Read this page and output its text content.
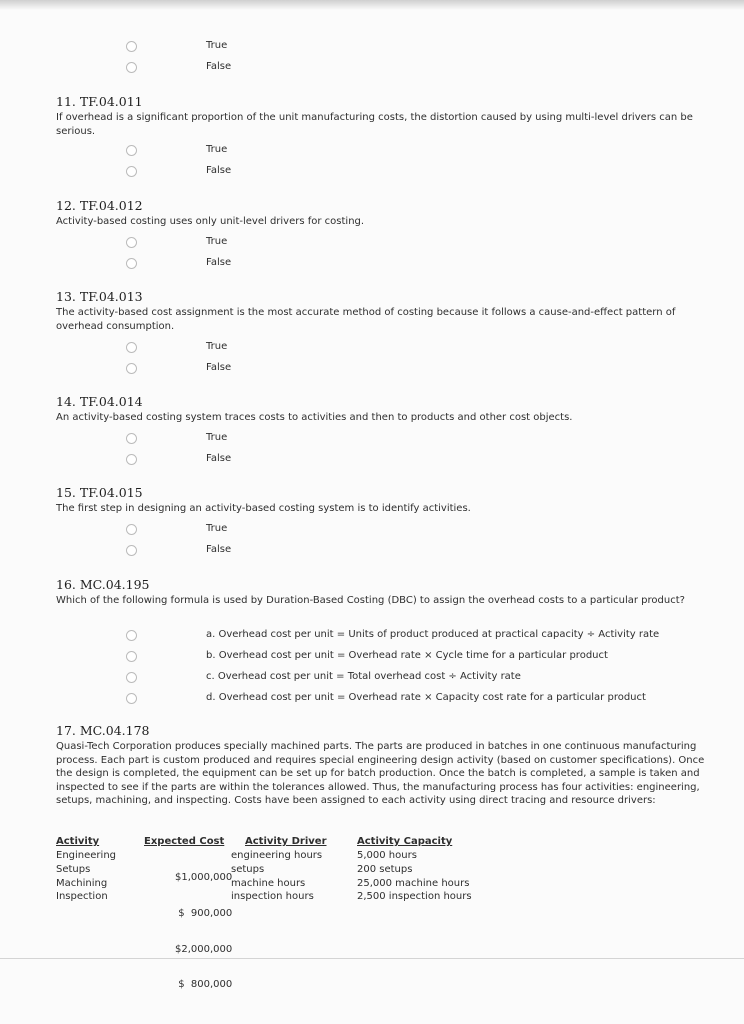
True
False
11. TF.04.011
If overhead is a significant proportion of the unit manufacturing costs, the distortion caused by using multi-level drivers can be serious.
True
False
12. TF.04.012
Activity-based costing uses only unit-level drivers for costing.
True
False
13. TF.04.013
The activity-based cost assignment is the most accurate method of costing because it follows a cause-and-effect pattern of overhead consumption.
True
False
14. TF.04.014
An activity-based costing system traces costs to activities and then to products and other cost objects.
True
False
15. TF.04.015
The first step in designing an activity-based costing system is to identify activities.
True
False
16. MC.04.195
Which of the following formula is used by Duration-Based Costing (DBC) to assign the overhead costs to a particular product?
a. Overhead cost per unit = Units of product produced at practical capacity ÷ Activity rate
b. Overhead cost per unit = Overhead rate × Cycle time for a particular product
c. Overhead cost per unit = Total overhead cost ÷ Activity rate
d. Overhead cost per unit = Overhead rate × Capacity cost rate for a particular product
17. MC.04.178
Quasi-Tech Corporation produces specially machined parts. The parts are produced in batches in one continuous manufacturing process. Each part is custom produced and requires special engineering design activity (based on customer specifications). Once the design is completed, the equipment can be set up for batch production. Once the batch is completed, a sample is taken and inspected to see if the parts are within the tolerances allowed. Thus, the manufacturing process has four activities: engineering, setups, machining, and inspecting. Costs have been assigned to each activity using direct tracing and resource drivers:
Activity
Engineering
Setups
Machining
Inspection
Expected Cost

$1,000,000

$  900,000

$2,000,000

$  800,000

Activity Driver
engineering hours
setups
machine hours
inspection hours
Activity Capacity
5,000 hours
200 setups
25,000 machine hours
2,500 inspection hours
